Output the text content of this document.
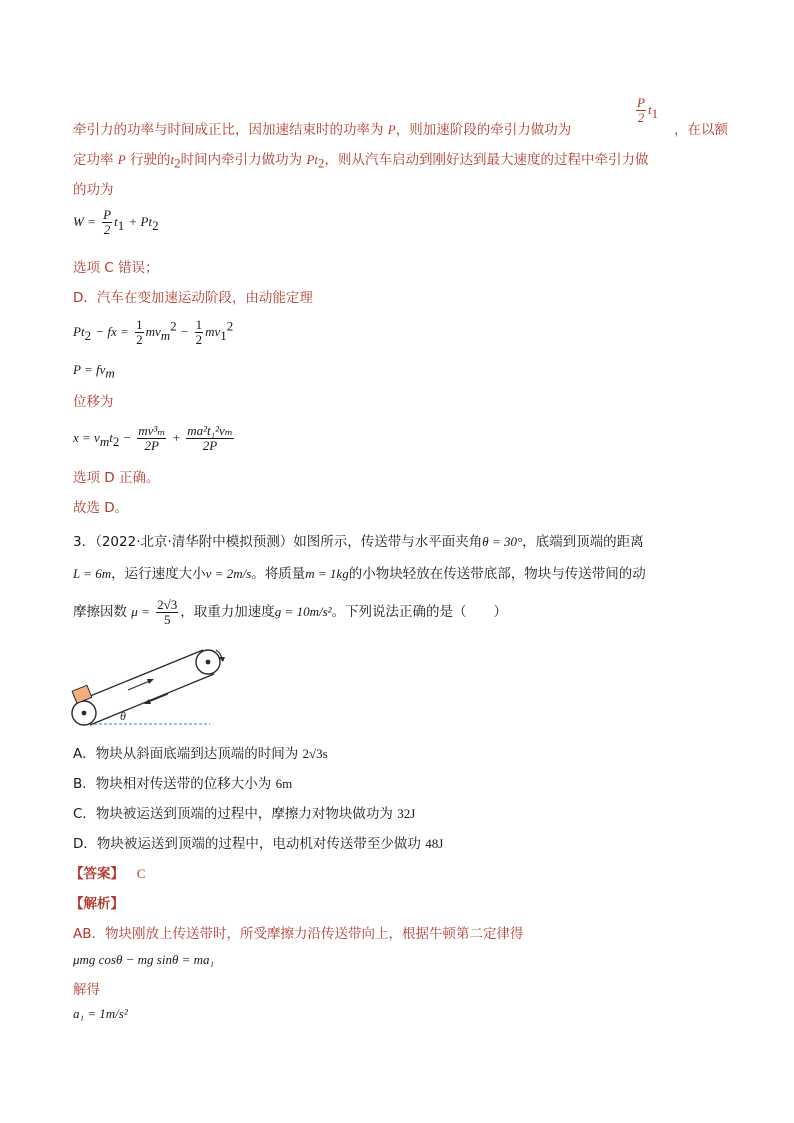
牵引力的功率与时间成正比，因加速结束时的功率为 P，则加速阶段的牵引力做功为
$\frac{P}{2} t_1$
，在以额
定功率 P 行驶的$t_2$时间内牵引力做功为 $Pt_2$，则从汽车启动到刚好达到最大速度的过程中牵引力做
的功为
$W = \frac{P}{2} t_1 + Pt_2$
选项 C 错误；
D．汽车在变加速运动阶段，由动能定理
$Pt_2$ − fx = $\frac{1}{2} mv_m^2 - \frac{1}{2} mv_1^2$
$P = fv_m$
位移为
$x = v_mt_2 - \frac{\text{mv³ₘ}}{2P} + \frac{\text{ma²t₁²vₘ}}{2P}$
选项 D 正确。
故选 D。
3．（2022·北京·清华附中模拟预测）如图所示，传送带与水平面夹角θ = 30°，底端到顶端的距离
L = 6m，运行速度大小v = 2m/s。将质量m = 1kg的小物块轻放在传送带底部，物块与传送带间的动
摩擦因数 $\mu = \frac{2√3}{5}$ ，取重力加速度g = 10m/s²。下列说法正确的是（　　）
θ
A．物块从斜面底端到达顶端的时间为 2√3s
B．物块相对传送带的位移大小为 6m
C．物块被运送到顶端的过程中，摩擦力对物块做功为 32J
D．物块被运送到顶端的过程中，电动机对传送带至少做功 48J
【答案】 C
【解析】
AB．物块刚放上传送带时，所受摩擦力沿传送带向上，根据牛顿第二定律得
μmg cosθ − mg sinθ = ma₁
解得
a₁ = 1m/s²
